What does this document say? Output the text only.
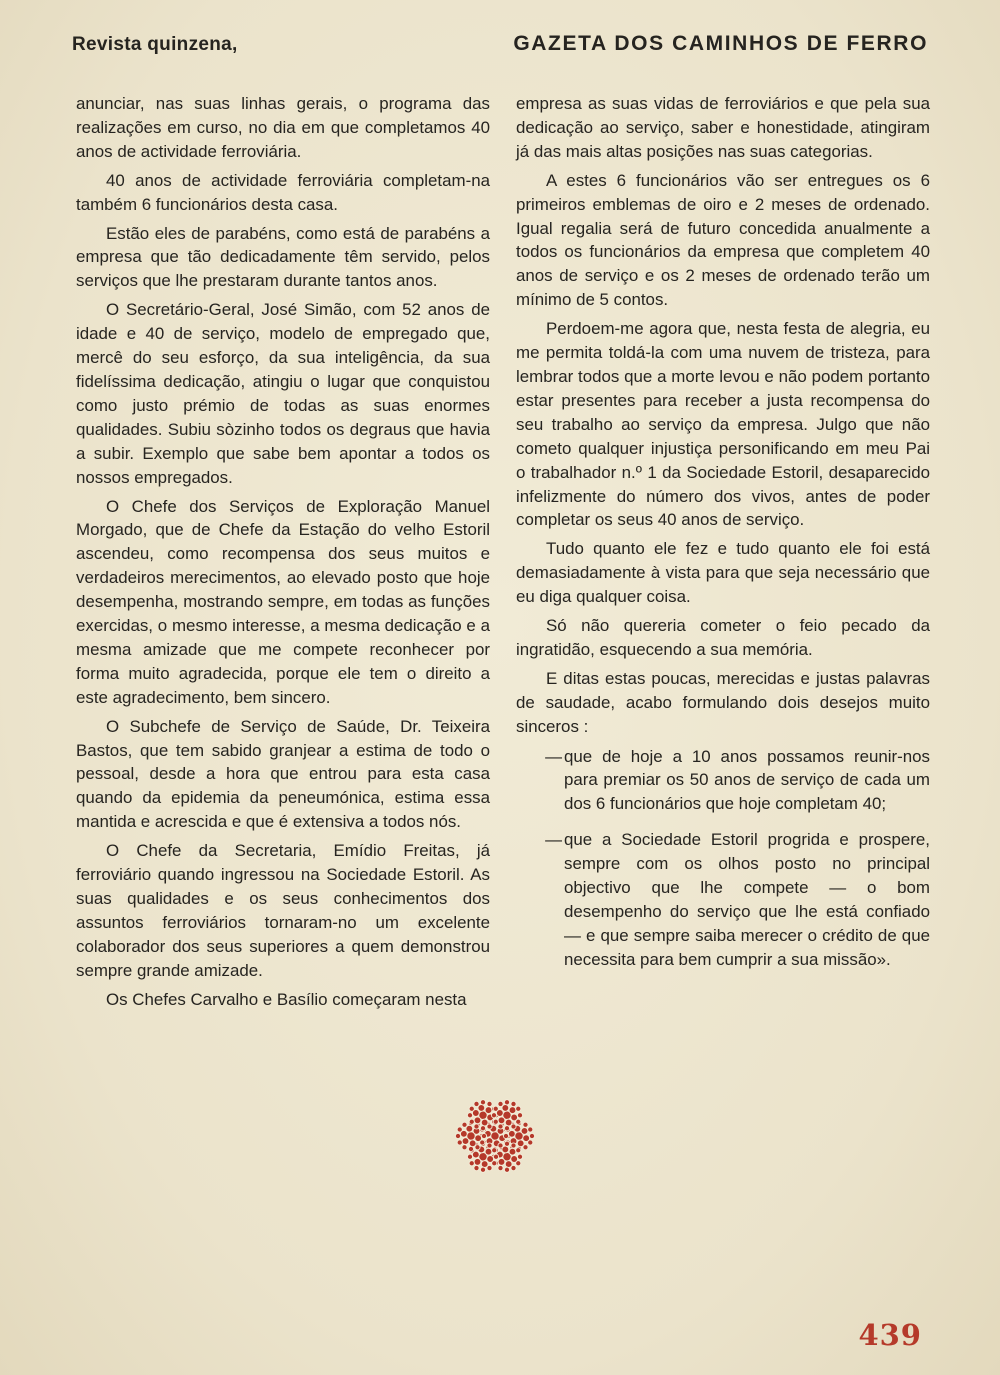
Revista quinzena,	GAZETA DOS CAMINHOS DE FERRO

anunciar, nas suas linhas gerais, o programa das realizações em curso, no dia em que completamos 40 anos de actividade ferroviária.

40 anos de actividade ferroviária completam-na também 6 funcionários desta casa.

Estão eles de parabéns, como está de parabéns a empresa que tão dedicadamente têm servido, pelos serviços que lhe prestaram durante tantos anos.

O Secretário-Geral, José Simão, com 52 anos de idade e 40 de serviço, modelo de empregado que, mercê do seu esforço, da sua inteligência, da sua fidelíssima dedicação, atingiu o lugar que conquistou como justo prémio de todas as suas enormes qualidades. Subiu sòzinho todos os degraus que havia a subir. Exemplo que sabe bem apontar a todos os nossos empregados.

O Chefe dos Serviços de Exploração Manuel Morgado, que de Chefe da Estação do velho Estoril ascendeu, como recompensa dos seus muitos e verdadeiros merecimentos, ao elevado posto que hoje desempenha, mostrando sempre, em todas as funções exercidas, o mesmo interesse, a mesma dedicação e a mesma amizade que me compete reconhecer por forma muito agradecida, porque ele tem o direito a este agradecimento, bem sincero.

O Subchefe de Serviço de Saúde, Dr. Teixeira Bastos, que tem sabido granjear a estima de todo o pessoal, desde a hora que entrou para esta casa quando da epidemia da peneumónica, estima essa mantida e acrescida e que é extensiva a todos nós.

O Chefe da Secretaria, Emídio Freitas, já ferroviário quando ingressou na Sociedade Estoril. As suas qualidades e os seus conhecimentos dos assuntos ferroviários tornaram-no um excelente colaborador dos seus superiores a quem demonstrou sempre grande amizade.

Os Chefes Carvalho e Basílio começaram nesta

empresa as suas vidas de ferroviários e que pela sua dedicação ao serviço, saber e honestidade, atingiram já das mais altas posições nas suas categorias.

A estes 6 funcionários vão ser entregues os 6 primeiros emblemas de oiro e 2 meses de ordenado. Igual regalia será de futuro concedida anualmente a todos os funcionários da empresa que completem 40 anos de serviço e os 2 meses de ordenado terão um mínimo de 5 contos.

Perdoem-me agora que, nesta festa de alegria, eu me permita toldá-la com uma nuvem de tristeza, para lembrar todos que a morte levou e não podem portanto estar presentes para receber a justa recompensa do seu trabalho ao serviço da empresa. Julgo que não cometo qualquer injustiça personificando em meu Pai o trabalhador n.º 1 da Sociedade Estoril, desaparecido infelizmente do número dos vivos, antes de poder completar os seus 40 anos de serviço.

Tudo quanto ele fez e tudo quanto ele foi está demasiadamente à vista para que seja necessário que eu diga qualquer coisa.

Só não quereria cometer o feio pecado da ingratidão, esquecendo a sua memória.

E ditas estas poucas, merecidas e justas palavras de saudade, acabo formulando dois desejos muito sinceros :

— que de hoje a 10 anos possamos reunir-nos para premiar os 50 anos de serviço de cada um dos 6 funcionários que hoje completam 40;
— que a Sociedade Estoril progrida e prospere, sempre com os olhos posto no principal objectivo que lhe compete — o bom desempenho do serviço que lhe está confiado — e que sempre saiba merecer o crédito de que necessita para bem cumprir a sua missão».
439
